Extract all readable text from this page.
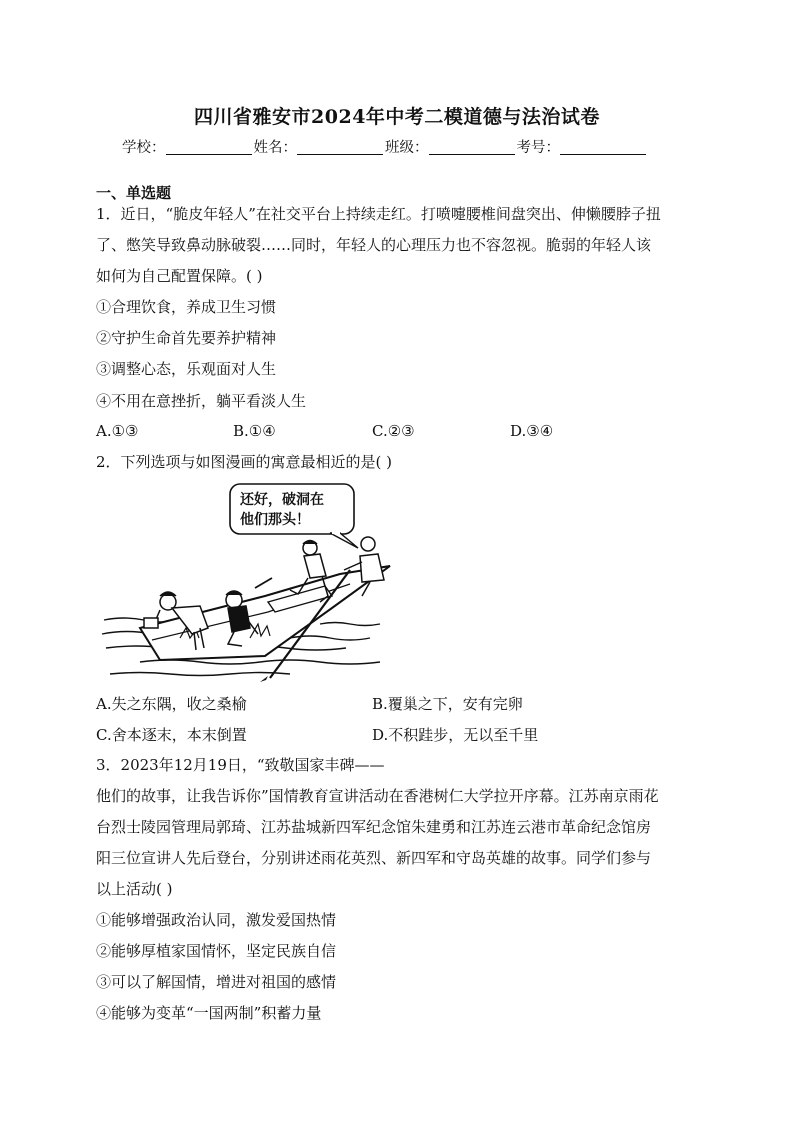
四川省雅安市2024年中考二模道德与法治试卷
学校：	姓名：	班级：	考号：
一、单选题
1．近日，“脆皮年轻人”在社交平台上持续走红。打喷嚏腰椎间盘突出、伸懒腰脖子扭
了、憋笑导致鼻动脉破裂……同时，年轻人的心理压力也不容忽视。脆弱的年轻人该
如何为自己配置保障。( )
①合理饮食，养成卫生习惯
②守护生命首先要养护精神
③调整心态，乐观面对人生
④不用在意挫折，躺平看淡人生
A.①③	B.①④	C.②③	D.③④
2．下列选项与如图漫画的寓意最相近的是( )
还好，破洞在
他们那头！
A.失之东隅，收之桑榆	B.覆巢之下，安有完卵
C.舍本逐末，本末倒置	D.不积跬步，无以至千里
3．2023年12月19日，“致敬国家丰碑——
他们的故事，让我告诉你”国情教育宣讲活动在香港树仁大学拉开序幕。江苏南京雨花
台烈士陵园管理局郭琦、江苏盐城新四军纪念馆朱建勇和江苏连云港市革命纪念馆房
阳三位宣讲人先后登台，分别讲述雨花英烈、新四军和守岛英雄的故事。同学们参与
以上活动( )
①能够增强政治认同，激发爱国热情
②能够厚植家国情怀，坚定民族自信
③可以了解国情，增进对祖国的感情
④能够为变革“一国两制”积蓄力量
